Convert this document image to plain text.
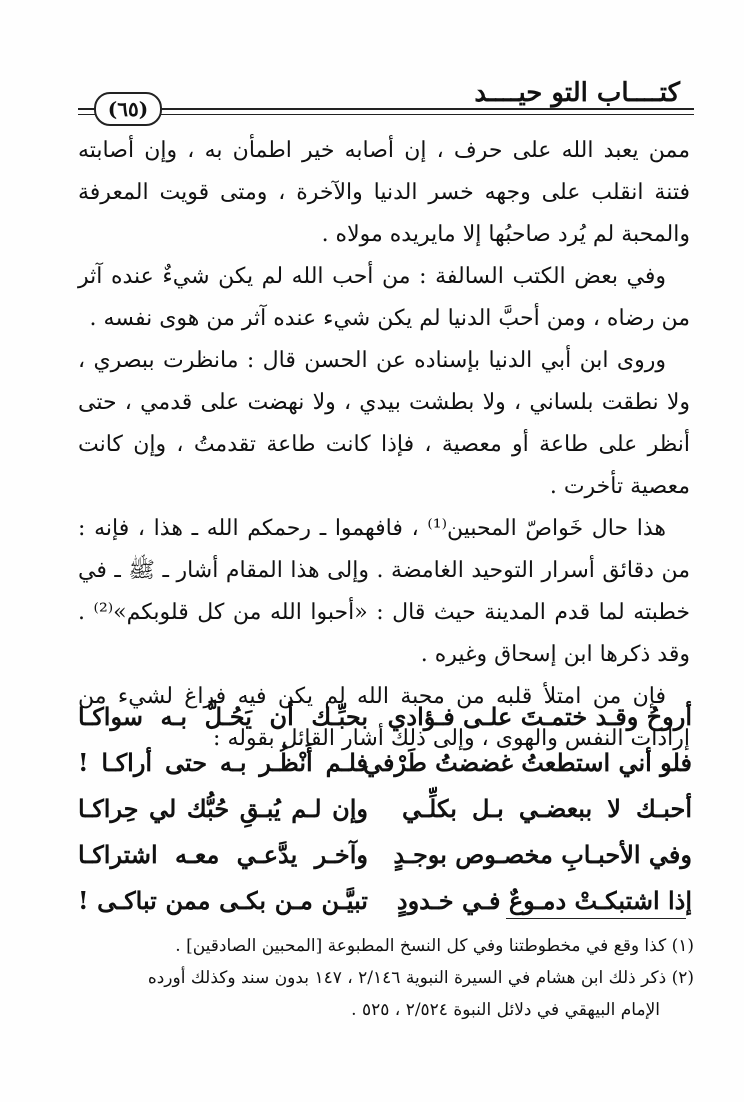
كتــــاب التو حيــــد
(٦٥)

ممن يعبد الله على حرف ، إن أصابه خير اطمأن به ، وإن أصابته فتنة انقلب على وجهه خسر الدنيا والآخرة ، ومتى قويت المعرفة والمحبة لم يُرد صاحبُها إلا مايريده مولاه .

وفي بعض الكتب السالفة : من أحب الله لم يكن شيءٌ عنده آثر من رضاه ، ومن أحبَّ الدنيا لم يكن شيء عنده آثر من هوى نفسه .

وروى ابن أبي الدنيا بإسناده عن الحسن قال : مانظرت ببصري ، ولا نطقت بلساني ، ولا بطشت بيدي ، ولا نهضت على قدمي ، حتى أنظر على طاعة أو معصية ، فإذا كانت طاعة تقدمتُ ، وإن كانت معصية تأخرت .

هذا حال خَواصّ المحبين⁽¹⁾ ، فافهموا ـ رحمكم الله ـ هذا ، فإنه : من دقائق أسرار التوحيد الغامضة . وإلى هذا المقام أشار ـ ﷺ ـ في خطبته لما قدم المدينة حيث قال : «أحبوا الله من كل قلوبكم»⁽²⁾ . وقد ذكرها ابن إسحاق وغيره .

فإن من امتلأ قلبه من محبة الله لم يكن فيه فراغ لشيء من إرادات النفس والهوى ، وإلى ذلك أشار القائل بقوله :

أروحُ وقـد ختمـتَ علـى فـؤادي
بحبِّـك أن يَحُـلَّ بـه سواكـا
فلو أني استطعتُ غضضتُ طَرْفي
فلـم أَنْظُـر بـه حتى أراكـا !
أحبـك لا ببعضـي بـل بكلِّـي
وإن لـم يُبـقِ حُبُّك لي حِراكـا
وفي الأحبـابِ مخصـوص بوجـدٍ
وآخـر يدَّعـي معـه اشتراكـا
إذا اشتبكـتْ دمـوعٌ فـي خـدودٍ
تبيَّـن مـن بكـى ممن تباكـى !

(١) كذا وقع في مخطوطتنا وفي كل النسخ المطبوعة [المحبين الصادقين] .

(٢) ذكر ذلك ابن هشام في السيرة النبوية ٢/١٤٦ ، ١٤٧ بدون سند وكذلك أورده

الإمام البيهقي في دلائل النبوة ٢/٥٢٤ ، ٥٢٥ .
